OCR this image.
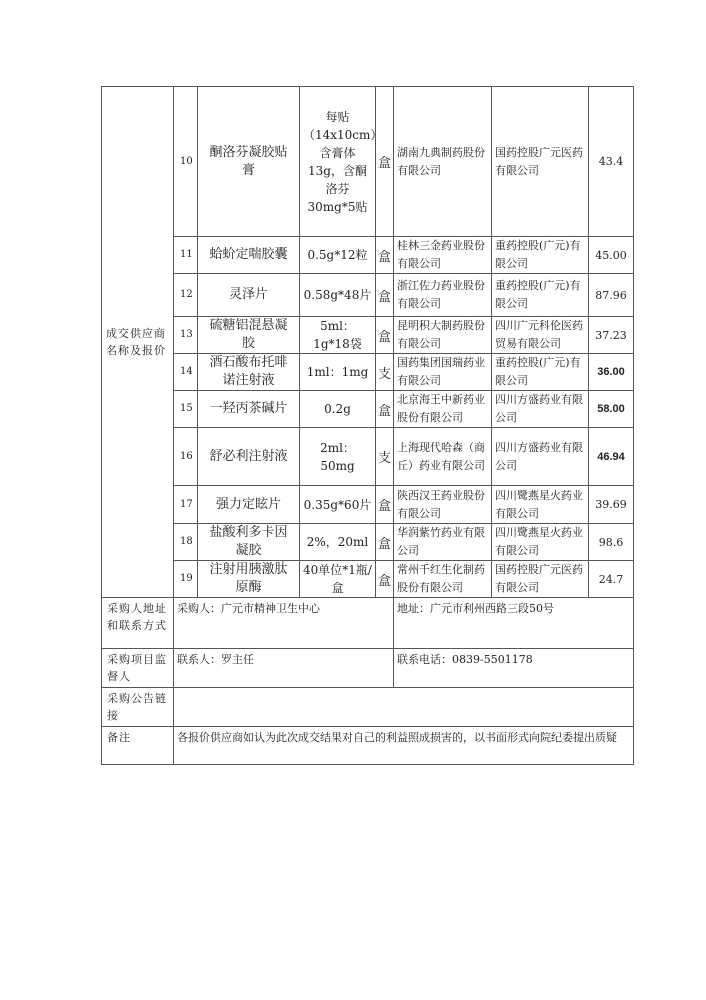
成交供应商名称及报价	10	酮洛芬凝胶贴膏	每贴（14x10cm）含膏体13g，含酮洛芬30mg*5贴	盒	湖南九典制药股份有限公司	国药控股广元医药有限公司	43.4
	11	蛤蚧定喘胶囊	0.5g*12粒	盒	桂林三金药业股份有限公司	重药控股(广元)有限公司	45.00
	12	灵泽片	0.58g*48片	盒	浙江佐力药业股份有限公司	重药控股(广元)有限公司	87.96
	13	硫糖铝混悬凝胶	5ml：1g*18袋	盒	昆明积大制药股份有限公司	四川广元科伦医药贸易有限公司	37.23
	14	酒石酸布托啡诺注射液	1ml：1mg	支	国药集团国瑞药业有限公司	重药控股(广元)有限公司	36.00
	15	一羟丙茶碱片	0.2g	盒	北京海王中新药业股份有限公司	四川方盛药业有限公司	58.00
	16	舒必利注射液	2ml：50mg	支	上海现代哈森（商丘）药业有限公司	四川方盛药业有限公司	46.94
	17	强力定眩片	0.35g*60片	盒	陕西汉王药业股份有限公司	四川鹭燕星火药业有限公司	39.69
	18	盐酸利多卡因凝胶	2%，20ml	盒	华润紫竹药业有限公司	四川鹭燕星火药业有限公司	98.6
	19	注射用胰激肽原酶	40单位*1瓶/盒	盒	常州千红生化制药股份有限公司	国药控股广元医药有限公司	24.7
采购人地址和联系方式	采购人：广元市精神卫生中心				地址：广元市利州西路三段50号		
采购项目监督人	联系人：罗主任				联系电话：0839-5501178		
采购公告链接							
备注	各报价供应商如认为此次成交结果对自己的利益照成损害的，以书面形式向院纪委提出质疑						
